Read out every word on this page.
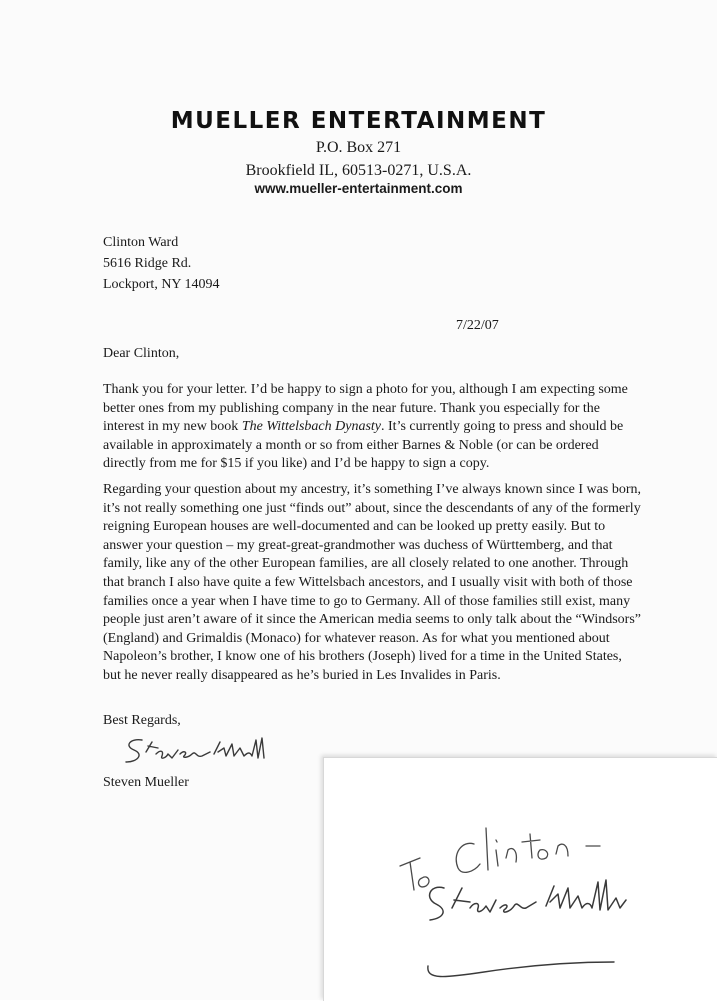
MUELLER ENTERTAINMENT
P.O. Box 271
Brookfield IL, 60513-0271, U.S.A.
www.mueller-entertainment.com
Clinton Ward
5616 Ridge Rd.
Lockport, NY 14094
7/22/07
Dear Clinton,

Thank you for your letter. I’d be happy to sign a photo for you, although I am expecting some better ones from my publishing company in the near future. Thank you especially for the interest in my new book The Wittelsbach Dynasty. It’s currently going to press and should be available in approximately a month or so from either Barnes & Noble (or can be ordered directly from me for $15 if you like) and I’d be happy to sign a copy.

Regarding your question about my ancestry, it’s something I’ve always known since I was born, it’s not really something one just “finds out” about, since the descendants of any of the formerly reigning European houses are well-documented and can be looked up pretty easily. But to answer your question – my great-great-grandmother was duchess of Württemberg, and that family, like any of the other European families, are all closely related to one another. Through that branch I also have quite a few Wittelsbach ancestors, and I usually visit with both of those families once a year when I have time to go to Germany. All of those families still exist, many people just aren’t aware of it since the American media seems to only talk about the “Windsors” (England) and Grimaldis (Monaco) for whatever reason. As for what you mentioned about Napoleon’s brother, I know one of his brothers (Joseph) lived for a time in the United States, but he never really disappeared as he’s buried in Les Invalides in Paris.

Best Regards,
Steven Mueller
